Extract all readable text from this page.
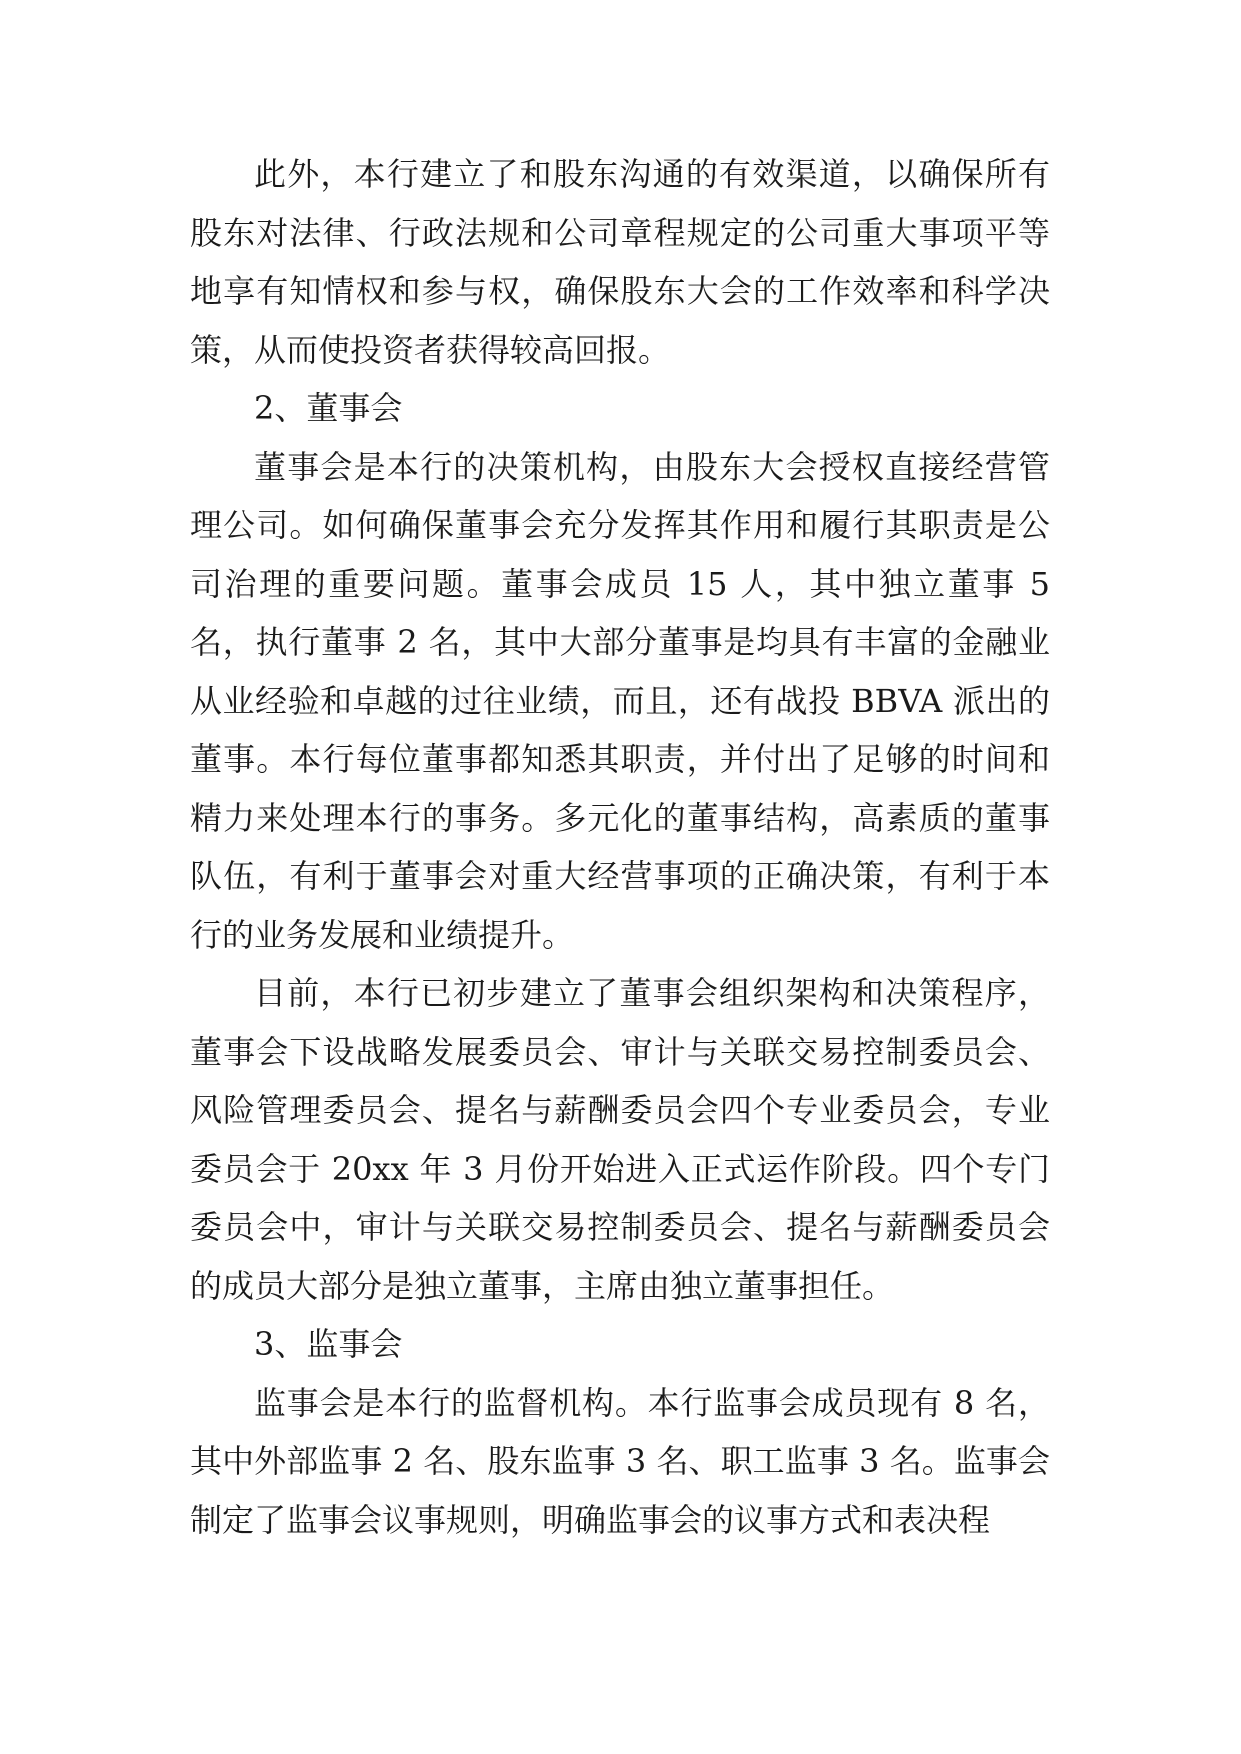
此外，本行建立了和股东沟通的有效渠道，以确保所有股东对法律、行政法规和公司章程规定的公司重大事项平等地享有知情权和参与权，确保股东大会的工作效率和科学决策，从而使投资者获得较高回报。

2、董事会

董事会是本行的决策机构，由股东大会授权直接经营管理公司。如何确保董事会充分发挥其作用和履行其职责是公司治理的重要问题。董事会成员 15 人，其中独立董事 5 名，执行董事 2 名，其中大部分董事是均具有丰富的金融业从业经验和卓越的过往业绩，而且，还有战投 BBVA 派出的董事。本行每位董事都知悉其职责，并付出了足够的时间和精力来处理本行的事务。多元化的董事结构，高素质的董事队伍，有利于董事会对重大经营事项的正确决策，有利于本行的业务发展和业绩提升。

目前，本行已初步建立了董事会组织架构和决策程序，董事会下设战略发展委员会、审计与关联交易控制委员会、风险管理委员会、提名与薪酬委员会四个专业委员会，专业委员会于 20xx 年 3 月份开始进入正式运作阶段。四个专门委员会中，审计与关联交易控制委员会、提名与薪酬委员会的成员大部分是独立董事，主席由独立董事担任。

3、监事会

监事会是本行的监督机构。本行监事会成员现有 8 名，其中外部监事 2 名、股东监事 3 名、职工监事 3 名。监事会制定了监事会议事规则，明确监事会的议事方式和表决程
